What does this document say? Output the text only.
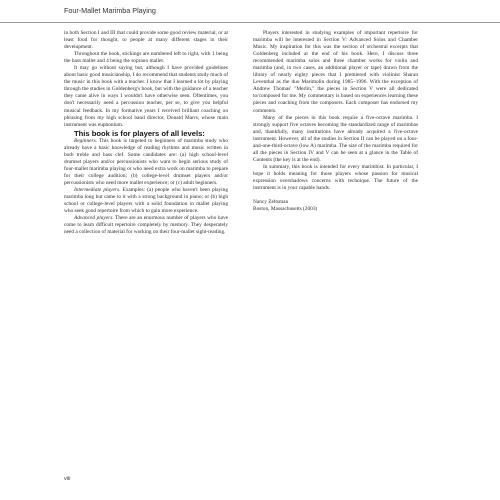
Four-Mallet Marimba Playing

in both Section I and III that could provide some good review material, or at least food for thought, to people at many different stages in their development.

Throughout the book, stickings are numbered left to right, with 1 being the bass mallet and 4 being the soprano mallet.

It may go without saying but, although I have provided guidelines about basic good musicianship, I do recommend that students study much of the music in this book with a teacher. I know that I learned a lot by playing through the studies in Goldenberg's book, but with the guidance of a teacher they came alive in ways I wouldn't have otherwise seen. Oftentimes, you don't necessarily need a percussion teacher, per se, to give you helpful musical feedback. In my formative years I received brilliant coaching on phrasing from my high school band director, Donald Marrs, whose main instrument was euphonium.

This book is for players of all levels:

Beginners. This book is targeted to beginners of marimba study who already have a basic knowledge of reading rhythms and music written in both treble and bass clef. Some candidates are: (a) high school-level drumset players and/or percussionists who want to begin serious study of four-mallet marimba playing or who need extra work on marimba to prepare for their college audition; (b) college-level drumset players and/or percussionists who need more mallet experience; or (c) adult beginners.

Intermediate players. Examples: (a) people who haven't been playing marimba long but came to it with a strong background in piano; or (b) high school or college-level players with a solid foundation in mallet playing who seek good repertoire from which to gain more experience.

Advanced players. There are an enormous number of players who have come to learn difficult repertoire completely by memory. They desperately need a collection of material for working on their four-mallet sight-reading.

Players interested in studying examples of important repertoire for marimba will be interested in Section V: Advanced Solos and Chamber Music. My inspiration for this was the section of orchestral excerpts that Goldenberg included at the end of his book. Here, I discuss three recommended marimba solos and three chamber works for violin and marimba (and, in two cases, an additional player or tape) drawn from the library of nearly eighty pieces that I premiered with violinist Sharan Leventhal as the duo Marimolin during 1985–1996. With the exception of Andrew Thomas' "Merlin," the pieces in Section V were all dedicated to/composed for me. My commentary is based on experiences learning these pieces and coaching from the composers. Each composer has endorsed my comments.

Many of the pieces in this book require a five-octave marimba. I strongly support five octaves becoming the standardized range of marimbas and, thankfully, many institutions have already acquired a five-octave instrument. However, all of the studies in Section II can be played on a four-and-one-third-octave (low A) marimba. The size of the marimba required for all the pieces in Section IV and V can be seen at a glance in the Table of Contents (the key is at the end).

In summary, this book is intended for every marimbist. In particular, I hope it holds meaning for those players whose passion for musical expression overshadows concerns with technique. The future of the instrument is in your capable hands.

Nancy Zeltsman

Boston, Massachusetts (2003)

viii
